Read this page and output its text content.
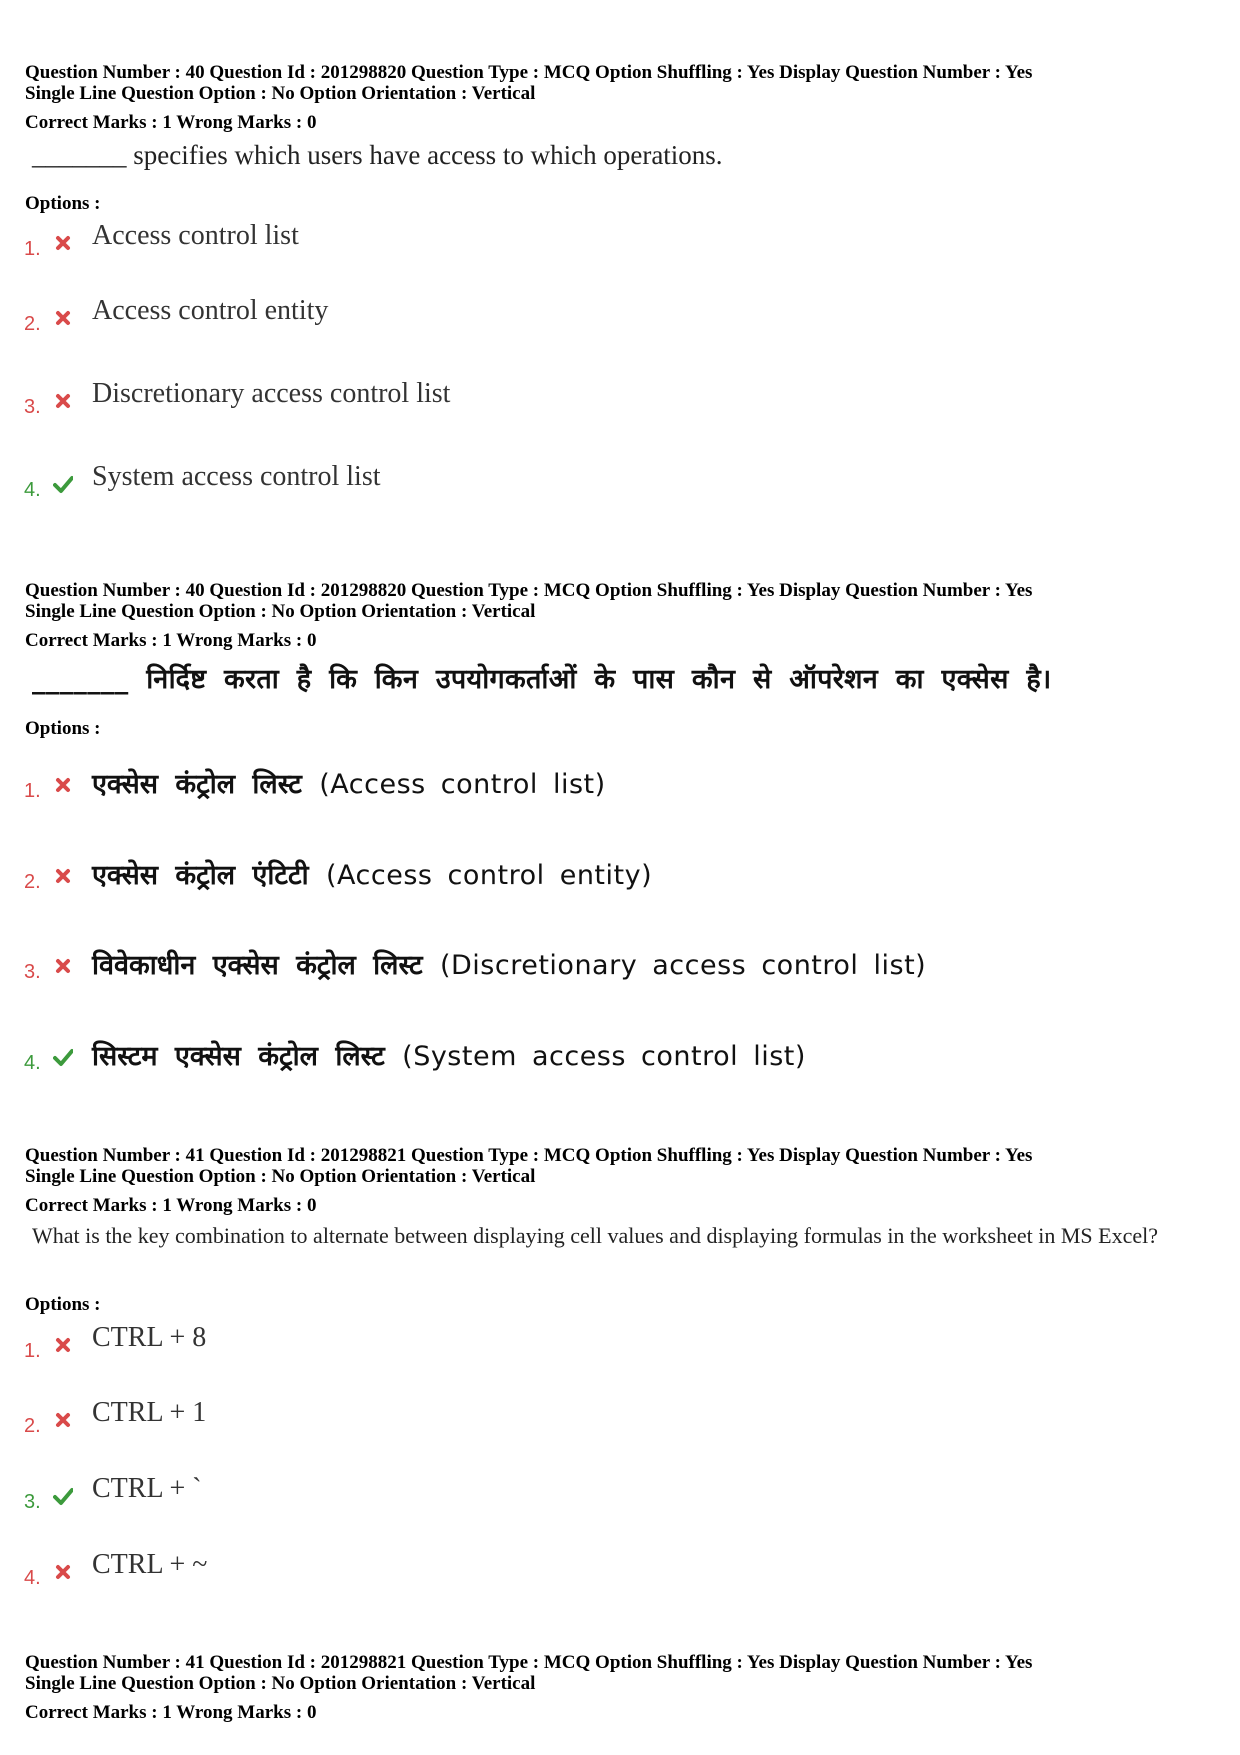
Question Number : 40 Question Id : 201298820 Question Type : MCQ Option Shuffling : Yes Display Question Number : Yes

Single Line Question Option : No Option Orientation : Vertical

Correct Marks : 1 Wrong Marks : 0

_______ specifies which users have access to which operations.

Options :

1. Access control list
2. Access control entity
3. Discretionary access control list
4. System access control list

Question Number : 40 Question Id : 201298820 Question Type : MCQ Option Shuffling : Yes Display Question Number : Yes

Single Line Question Option : No Option Orientation : Vertical

Correct Marks : 1 Wrong Marks : 0

_______ निर्दिष्ट करता है कि किन उपयोगकर्ताओं के पास कौन से ऑपरेशन का एक्सेस है।

Options :

1. एक्सेस कंट्रोल लिस्ट (Access control list)
2. एक्सेस कंट्रोल एंटिटी (Access control entity)
3. विवेकाधीन एक्सेस कंट्रोल लिस्ट (Discretionary access control list)
4. सिस्टम एक्सेस कंट्रोल लिस्ट (System access control list)

Question Number : 41 Question Id : 201298821 Question Type : MCQ Option Shuffling : Yes Display Question Number : Yes

Single Line Question Option : No Option Orientation : Vertical

Correct Marks : 1 Wrong Marks : 0

What is the key combination to alternate between displaying cell values and displaying formulas in the worksheet in MS Excel?

Options :

1. CTRL + 8
2. CTRL + 1
3. CTRL + `
4. CTRL + ~

Question Number : 41 Question Id : 201298821 Question Type : MCQ Option Shuffling : Yes Display Question Number : Yes

Single Line Question Option : No Option Orientation : Vertical

Correct Marks : 1 Wrong Marks : 0
